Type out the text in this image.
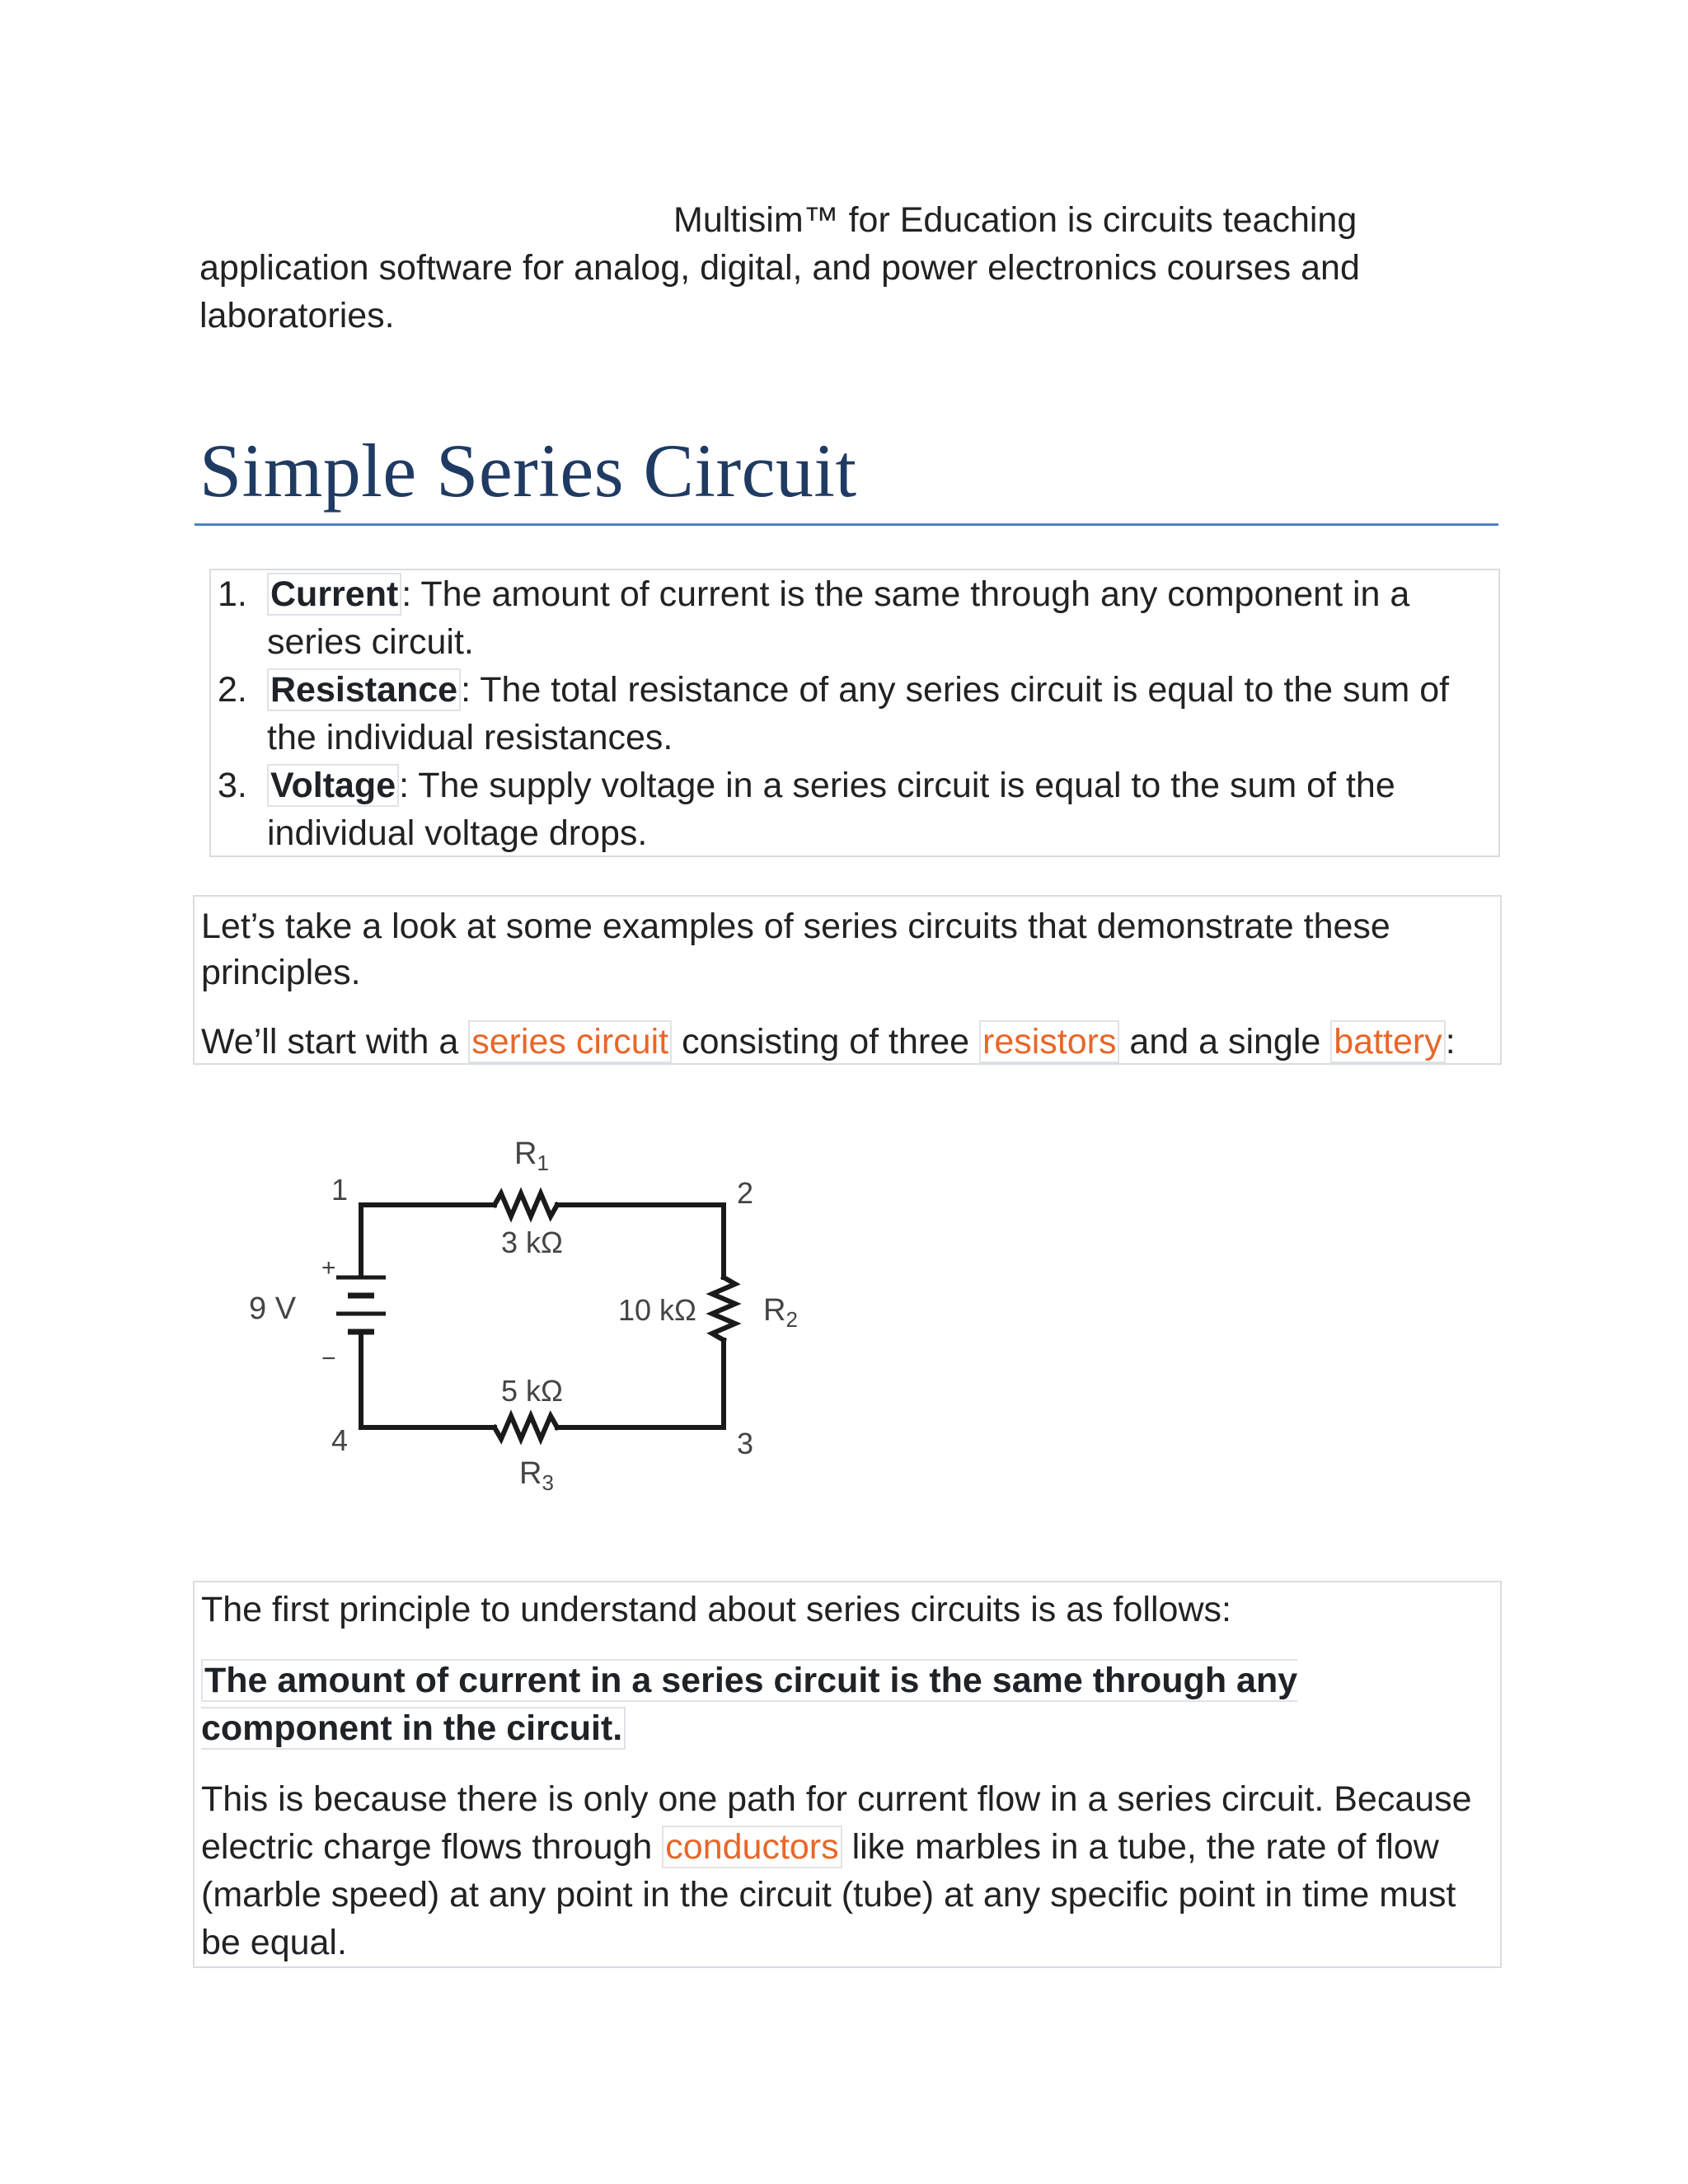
Multisim™ for Education is circuits teaching
application software for analog, digital, and power electronics courses and
laboratories.
Simple Series Circuit
1. Current: The amount of current is the same through any component in a series circuit.
2. Resistance: The total resistance of any series circuit is equal to the sum of the individual resistances.
3. Voltage: The supply voltage in a series circuit is equal to the sum of the individual voltage drops.

Let’s take a look at some examples of series circuits that demonstrate these principles.

We’ll start with a series circuit consisting of three resistors and a single battery:

$R_1$
3 kΩ
10 kΩ $R_2$
5 kΩ
$R_3$
9 V
+
−
1	2
3
4

The first principle to understand about series circuits is as follows:

The amount of current in a series circuit is the same through any component in the circuit.

This is because there is only one path for current flow in a series circuit. Because electric charge flows through conductors like marbles in a tube, the rate of flow (marble speed) at any point in the circuit (tube) at any specific point in time must be equal.
